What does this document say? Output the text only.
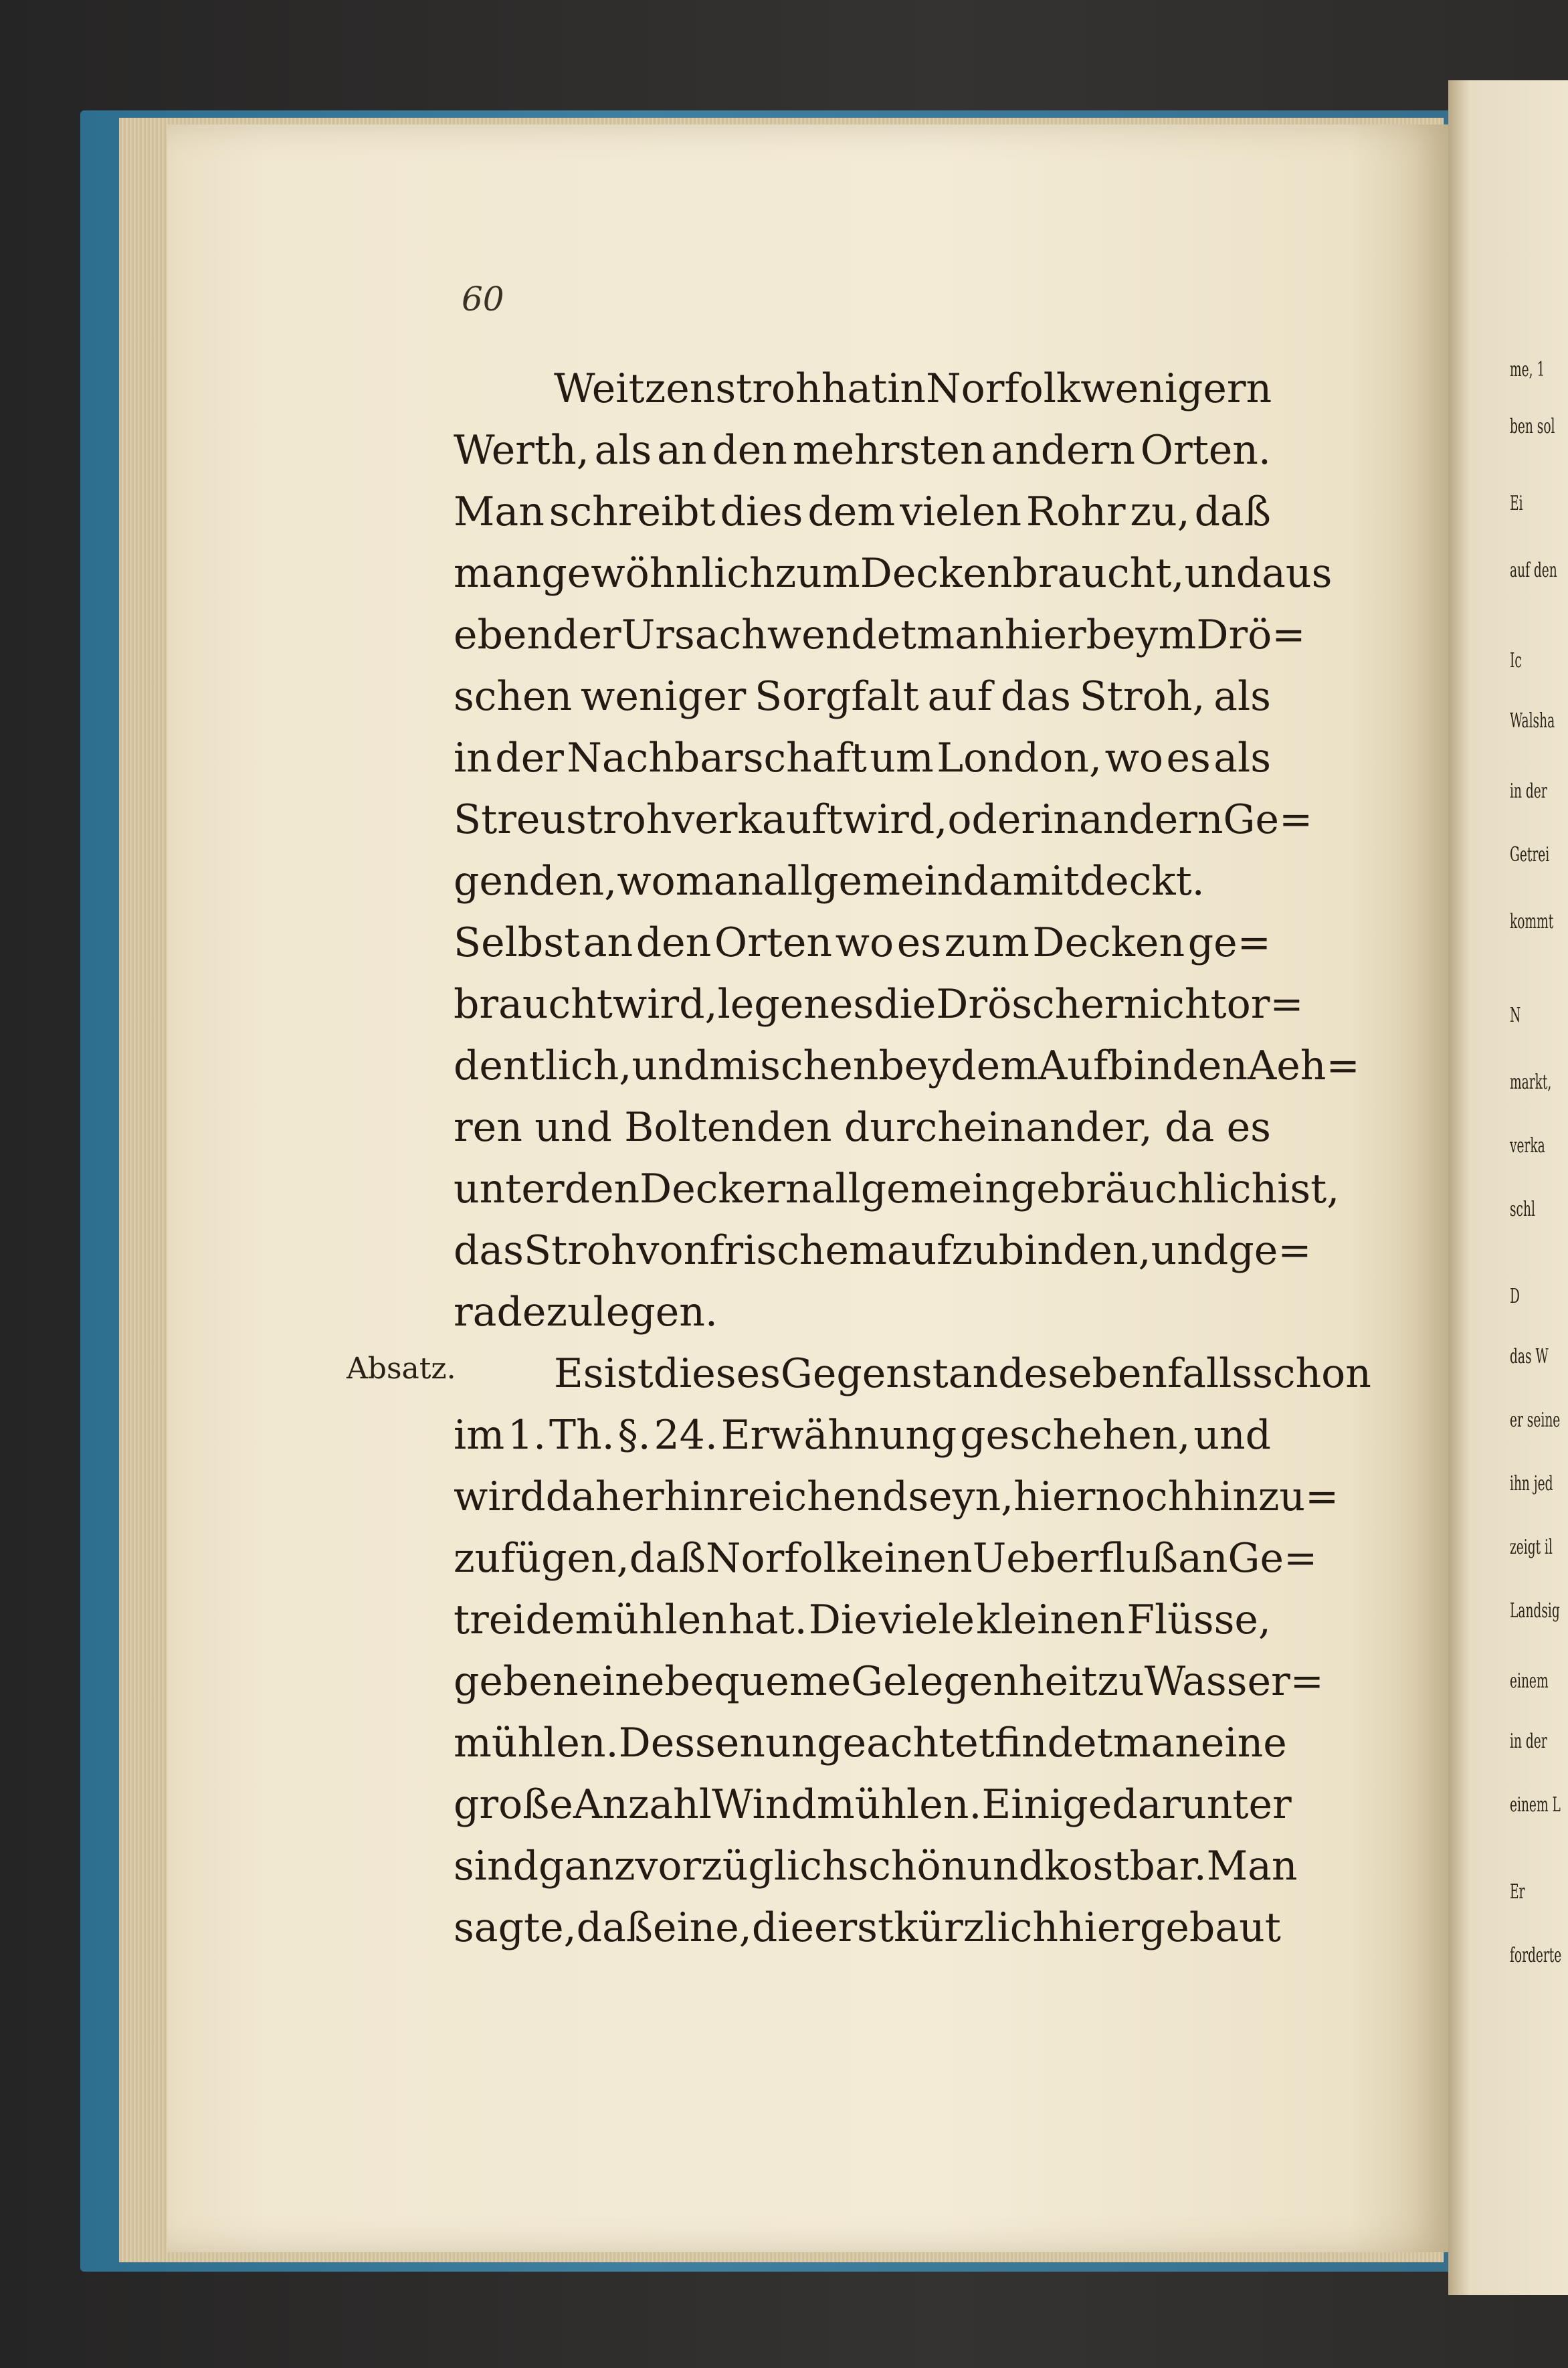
me, 1
ben sol
Ei
auf den
Ic
Walsha
in der
Getrei
kommt
N
markt,
verka
schl
D
das W
er seine
ihn jed
zeigt il
Landsig
einem
in der
einem L
Er
forderte
60
Absatz.
Weitzenstroh hat in Norfolk wenigern
Werth, als an den mehrsten andern Orten.
Man schreibt dies dem vielen Rohr zu, daß
man gewöhnlich zum Decken braucht, und aus
eben der Ursach wendet man hier beym Drö=
schen weniger Sorgfalt auf das Stroh, als
in der Nachbarschaft um London, wo es als
Streustroh verkauft wird, oder in andern Ge=
genden, wo man allgemein damit deckt.
Selbst an den Orten wo es zum Decken ge=
braucht wird, legen es die Dröscher nicht or=
dentlich, und mischen bey dem Aufbinden Aeh=
ren und Boltenden durcheinander, da es
unter den Deckern allgemein gebräuchlich ist,
das Stroh von frischem aufzubinden, und ge=
rade zu legen.
Es ist dieses Gegenstandes ebenfalls schon
im 1. Th. §. 24. Erwähnung geschehen, und
wird daher hinreichend seyn, hier noch hinzu=
zufügen, daß Norfolk einen Ueberfluß an Ge=
treidemühlen hat. Die viele kleinen Flüsse,
geben eine bequeme Gelegenheit zu Wasser=
mühlen. Dessen ungeachtet findet man eine
große Anzahl Windmühlen. Einige darunter
sind ganz vorzüglich schön und kostbar. Man
sagte, daß eine, die erst kürzlich hier gebaut
